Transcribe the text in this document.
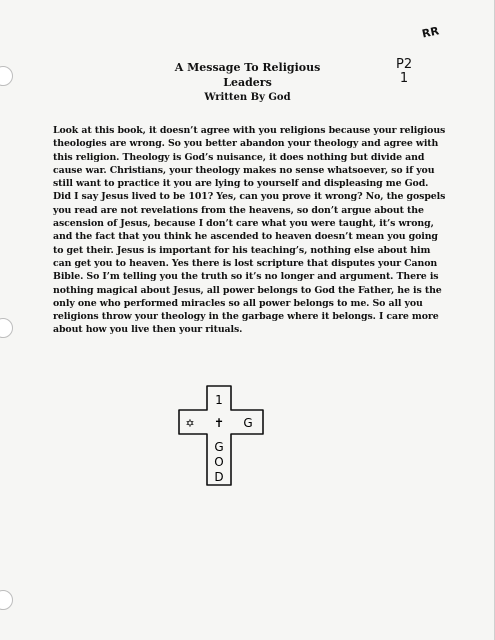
RR

A Message To Religious

Leaders

Written By God

P2
1
Look at this book, it doesn’t agree with you religions because your religious theologies are wrong. So you better abandon your theology and agree with this religion. Theology is God’s nuisance, it does nothing but divide and cause war. Christians, your theology makes no sense whatsoever, so if you still want to practice it you are lying to yourself and displeasing me God. Did I say Jesus lived to be 101? Yes, can you prove it wrong? No, the gospels you read are not revelations from the heavens, so don’t argue about the ascension of Jesus, because I don’t care what you were taught, it’s wrong, and the fact that you think he ascended to heaven doesn’t mean you going to get their. Jesus is important for his teaching’s, nothing else about him can get you to heaven. Yes there is lost scripture that disputes your Canon Bible. So I’m telling you the truth so it’s no longer and argument. There is nothing magical about Jesus, all power belongs to God the Father, he is the only one who performed miracles so all power belongs to me. So all you religions throw your theology in the garbage where it belongs. I care more about how you live then your rituals.
1
✡ ✝ G
G
O
D
